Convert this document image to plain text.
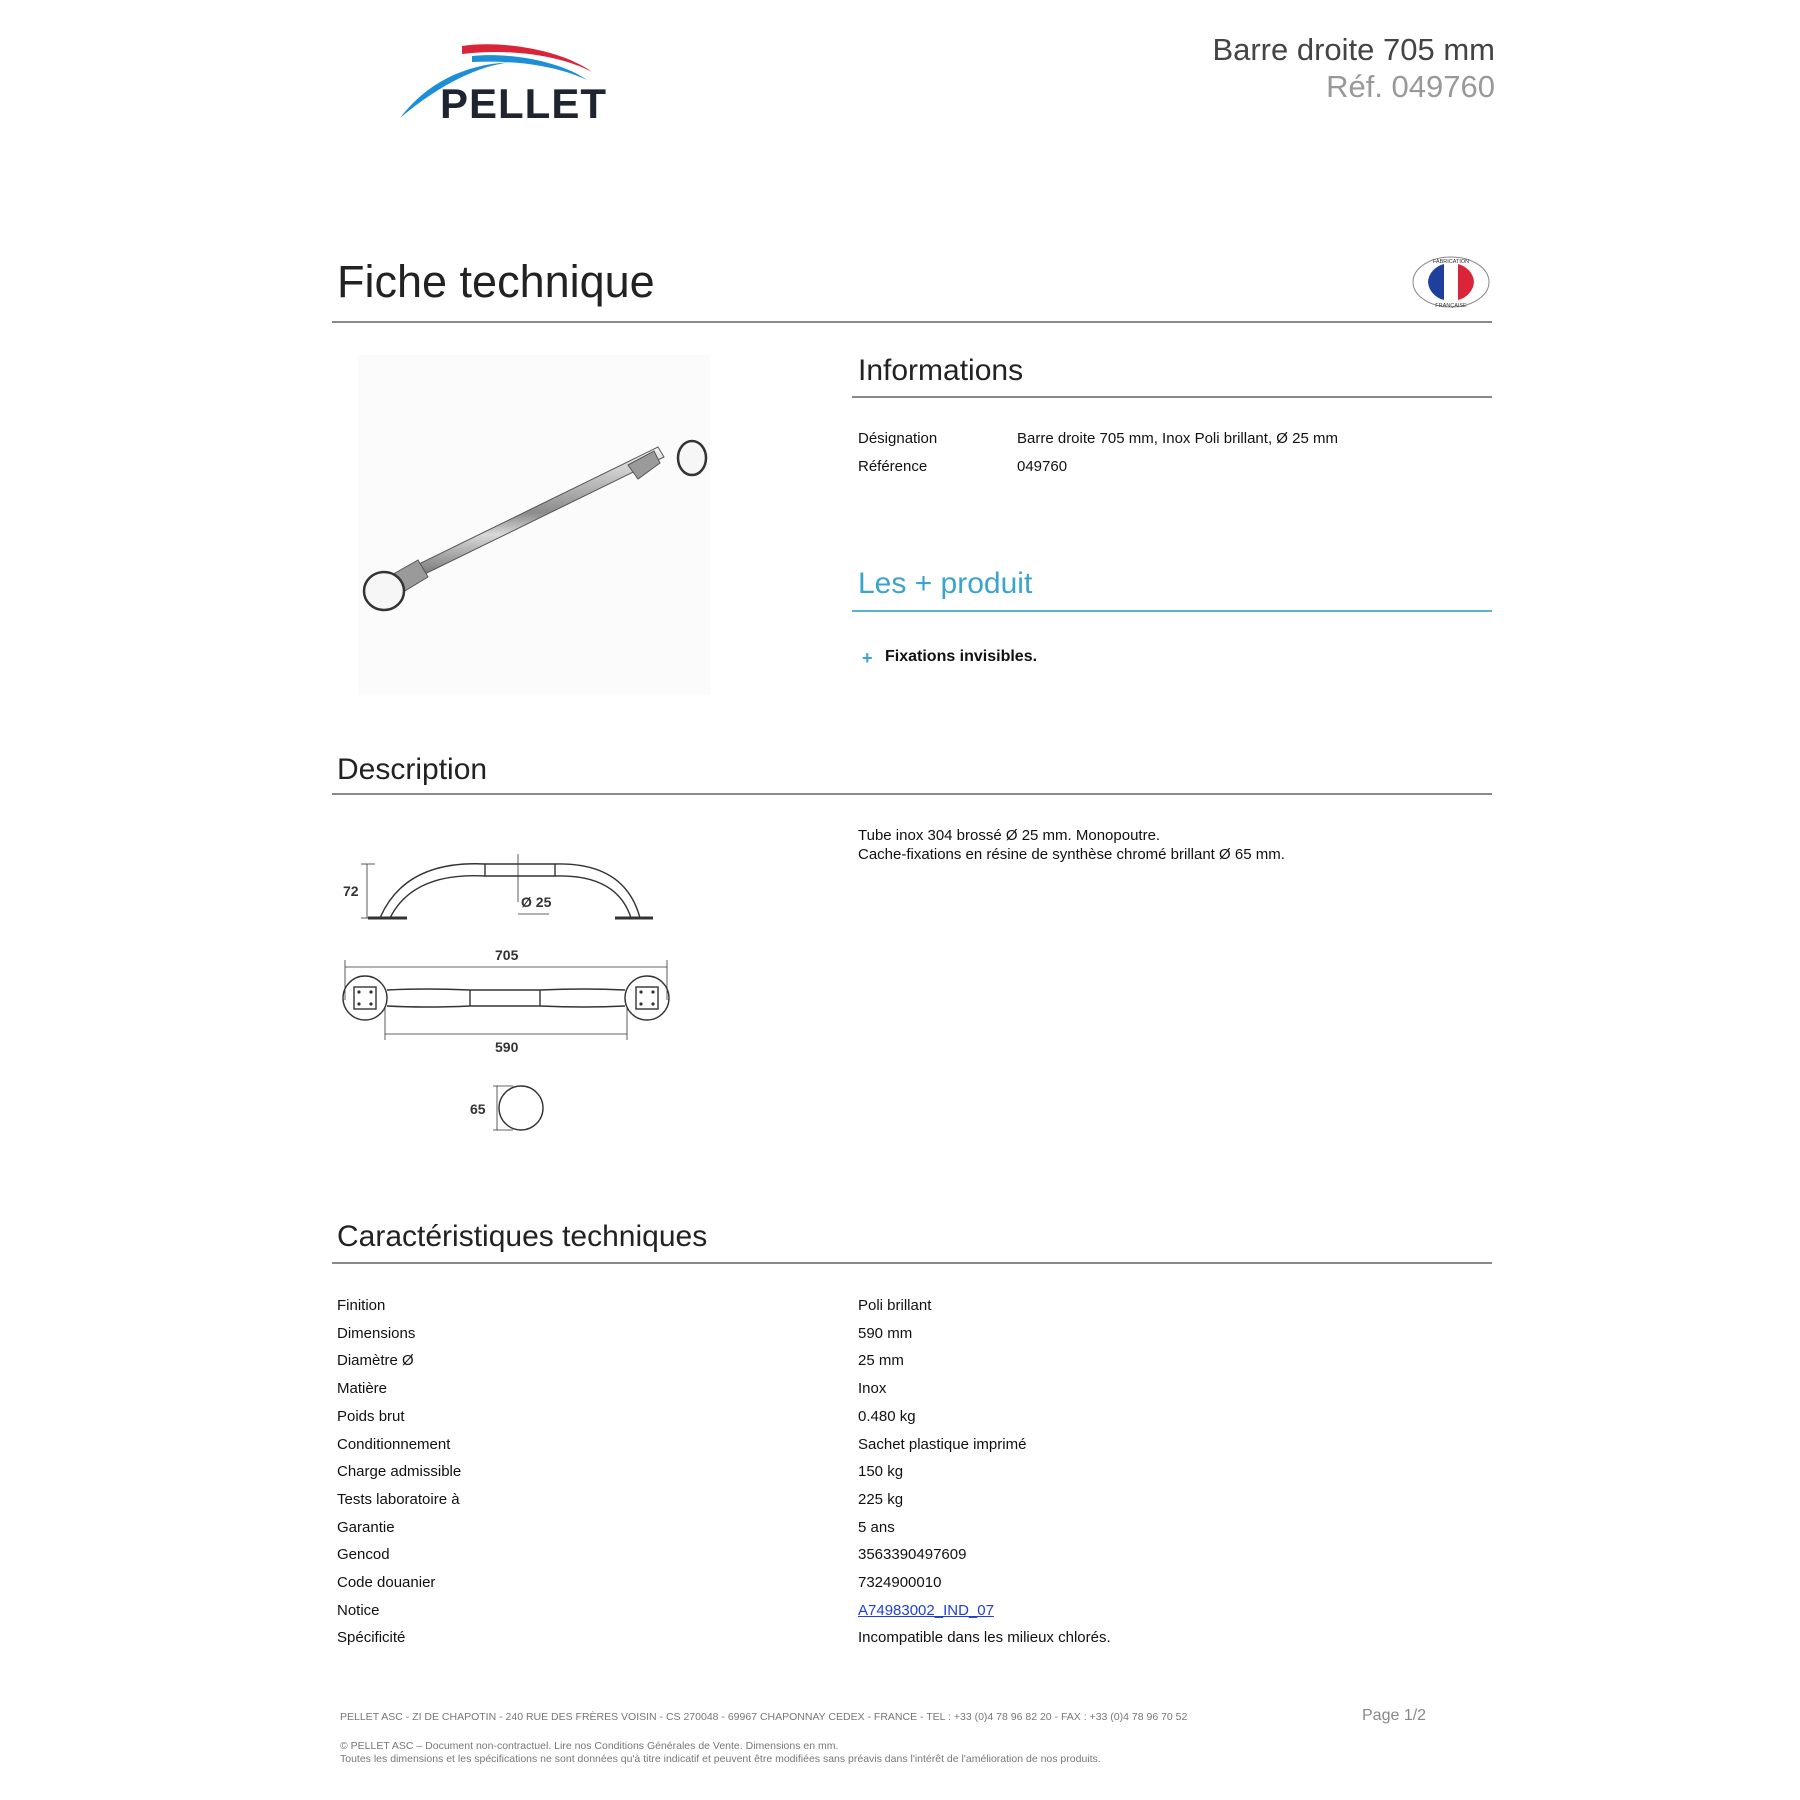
PELLET
Barre droite 705 mm
Réf. 049760
Fiche technique	FABRICATION
FRANÇAISE
Informations
Désignation	Barre droite 705 mm, Inox Poli brillant, Ø 25 mm
Référence	049760
Les + produit
+ Fixations invisibles.
Description
Tube inox 304 brossé Ø 25 mm. Monopoutre.
Cache-fixations en résine de synthèse chromé brillant Ø 65 mm.
72
Ø 25
705
590
65
Caractéristiques techniques
Finition	Poli brillant
Dimensions	590 mm
Diamètre Ø	25 mm
Matière	Inox
Poids brut	0.480 kg
Conditionnement	Sachet plastique imprimé
Charge admissible	150 kg
Tests laboratoire à	225 kg
Garantie	5 ans
Gencod	3563390497609
Code douanier	7324900010
Notice	A74983002_IND_07
Spécificité	Incompatible dans les milieux chlorés.
PELLET ASC - ZI DE CHAPOTIN - 240 RUE DES FRÈRES VOISIN - CS 270048 - 69967 CHAPONNAY CEDEX - FRANCE - TEL : +33 (0)4 78 96 82 20 - FAX : +33 (0)4 78 96 70 52	Page 1/2
© PELLET ASC – Document non-contractuel. Lire nos Conditions Générales de Vente. Dimensions en mm.
Toutes les dimensions et les spécifications ne sont données qu'à titre indicatif et peuvent être modifiées sans préavis dans l'intérêt de l'amélioration de nos produits.
